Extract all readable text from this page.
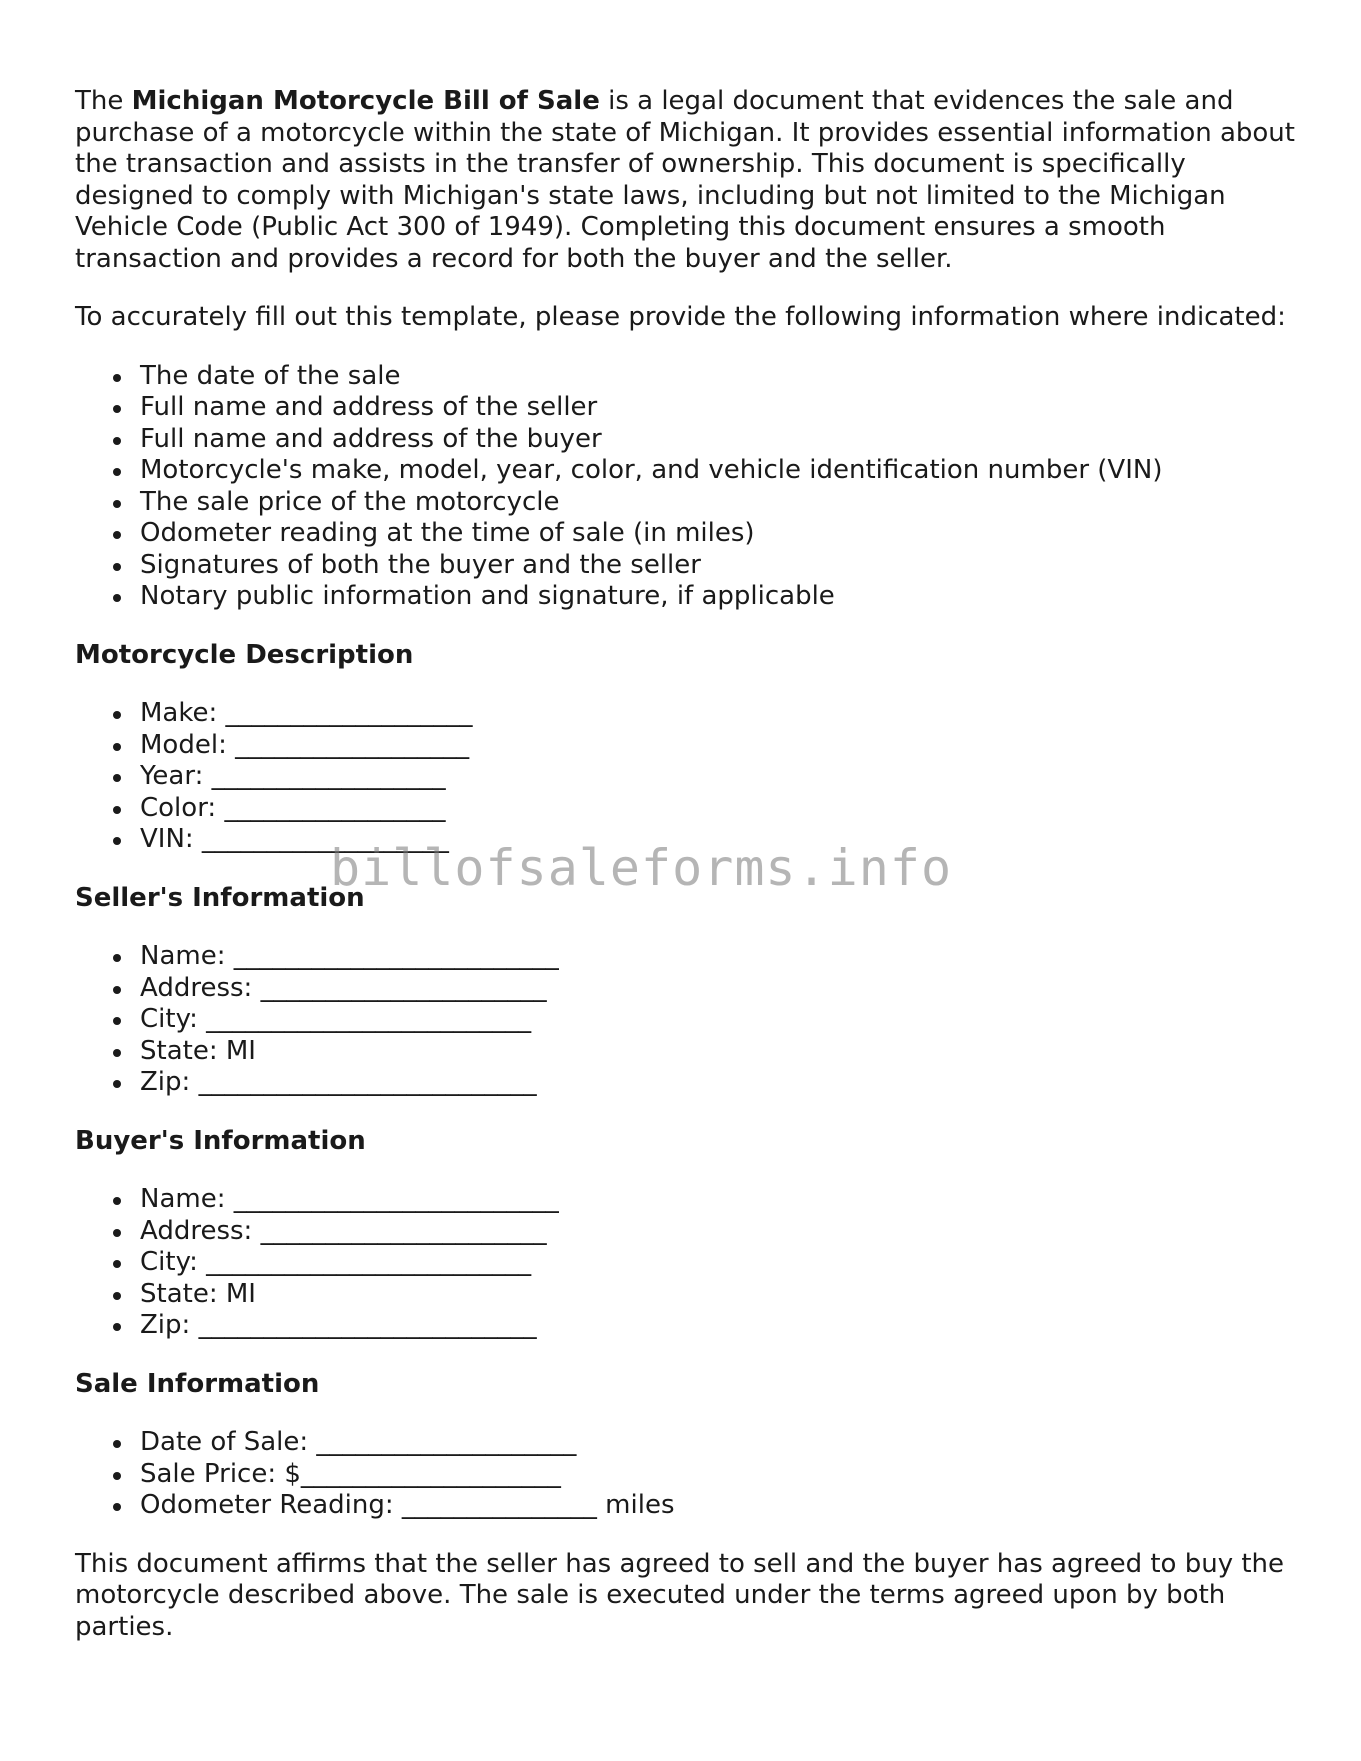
The Michigan Motorcycle Bill of Sale is a legal document that evidences the sale and purchase of a motorcycle within the state of Michigan. It provides essential information about the transaction and assists in the transfer of ownership. This document is specifically designed to comply with Michigan's state laws, including but not limited to the Michigan Vehicle Code (Public Act 300 of 1949). Completing this document ensures a smooth transaction and provides a record for both the buyer and the seller.

To accurately fill out this template, please provide the following information where indicated:

The date of the sale
Full name and address of the seller
Full name and address of the buyer
Motorcycle's make, model, year, color, and vehicle identification number (VIN)
The sale price of the motorcycle
Odometer reading at the time of sale (in miles)
Signatures of both the buyer and the seller
Notary public information and signature, if applicable
Motorcycle Description
Make: ___________________
Model: __________________
Year: __________________
Color: _________________
VIN: ___________________
Seller's Information
Name: _________________________
Address: ______________________
City: _________________________
State: MI
Zip: __________________________
Buyer's Information
Name: _________________________
Address: ______________________
City: _________________________
State: MI
Zip: __________________________
Sale Information
Date of Sale: ____________________
Sale Price: $____________________
Odometer Reading: _______________ miles

This document affirms that the seller has agreed to sell and the buyer has agreed to buy the motorcycle described above. The sale is executed under the terms agreed upon by both parties.

billofsaleforms.info
